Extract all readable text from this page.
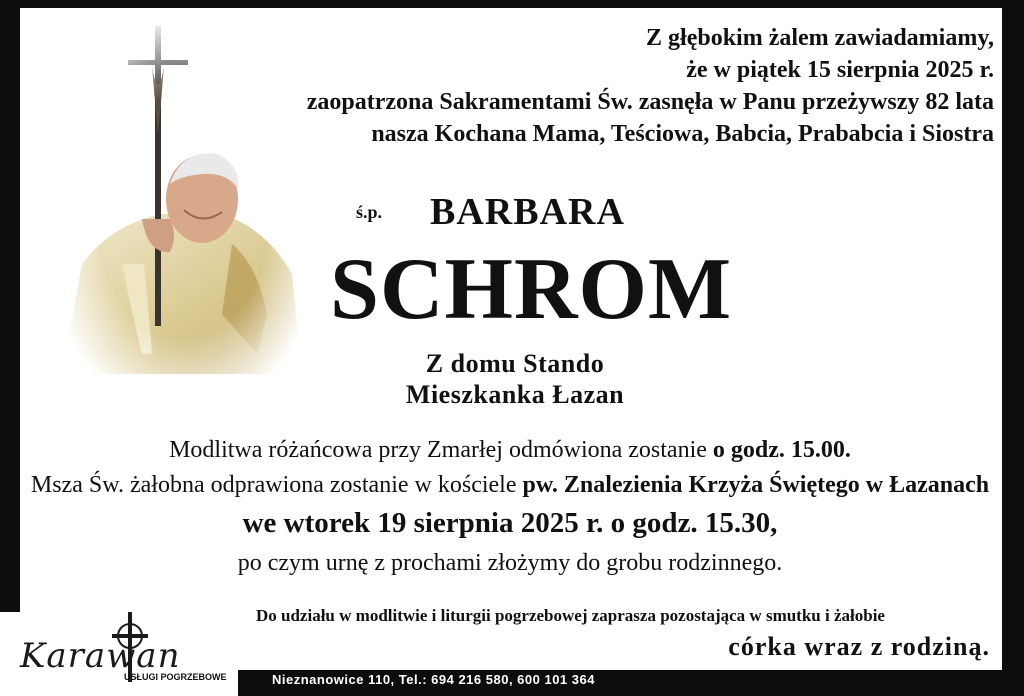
Nieznanowice 110, Tel.: 694 216 580, 600 101 364
Z głębokim żalem zawiadamiamy,
że w piątek 15 sierpnia 2025 r.
zaopatrzona Sakramentami Św. zasnęła w Panu przeżywszy 82 lata
nasza Kochana Mama, Teściowa, Babcia, Prababcia i Siostra
ś.p. BARBARA
SCHROM
Z domu Stando
Mieszkanka Łazan
Modlitwa różańcowa przy Zmarłej odmówiona zostanie o godz. 15.00.
Msza Św. żałobna odprawiona zostanie w kościele pw. Znalezienia Krzyża Świętego w Łazanach
we wtorek 19 sierpnia 2025 r. o godz. 15.30,
po czym urnę z prochami złożymy do grobu rodzinnego.
Do udziału w modlitwie i liturgii pogrzebowej zaprasza pozostająca w smutku i żałobie
córka wraz z rodziną.
Karawan
USŁUGI POGRZEBOWE
